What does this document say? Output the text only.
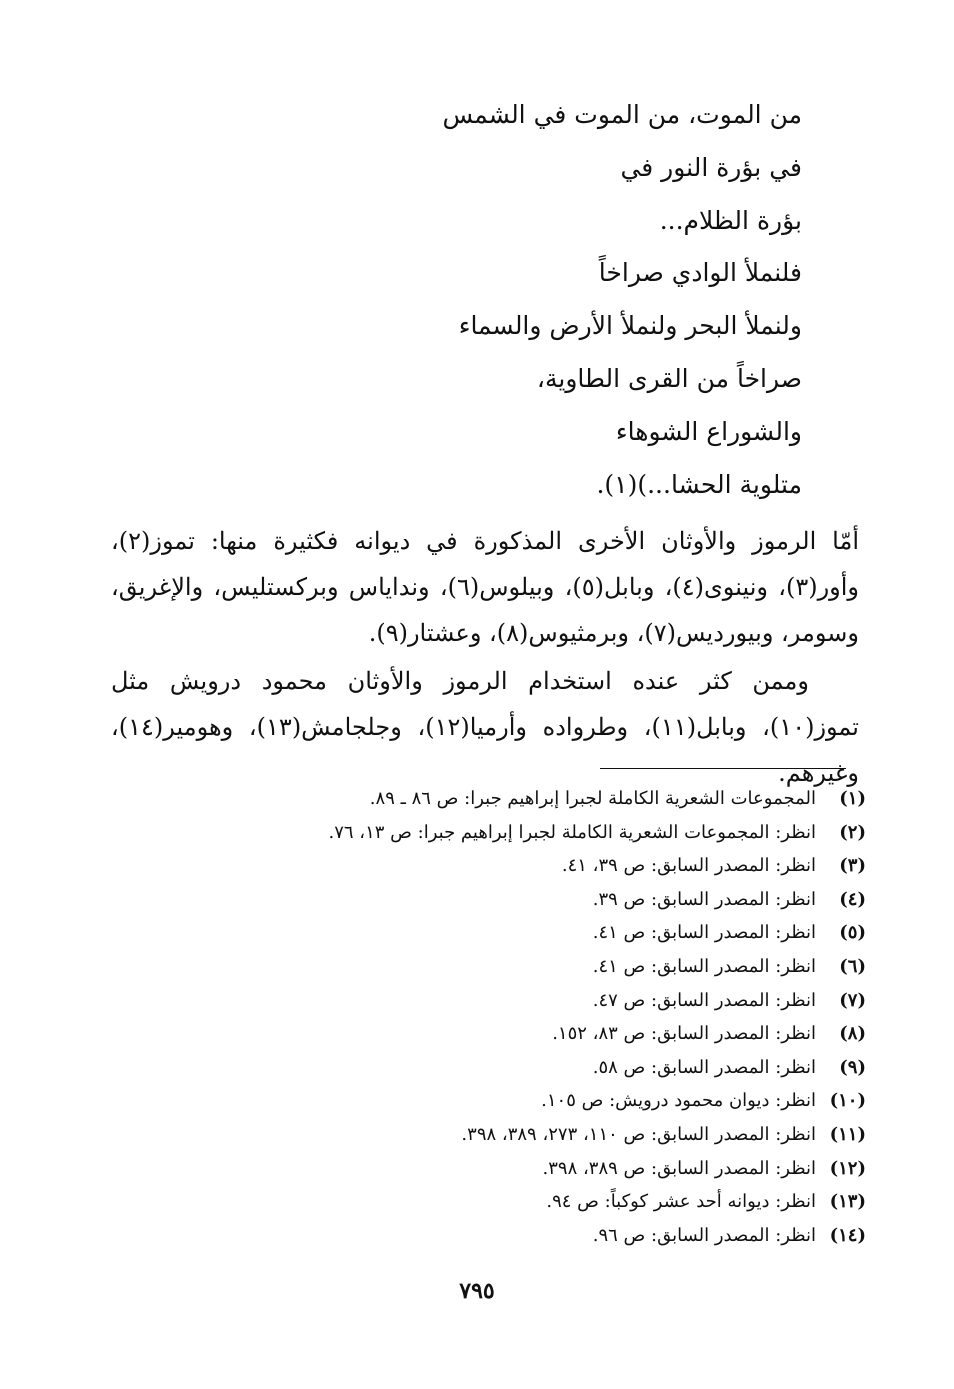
من الموت، من الموت في الشمس
في بؤرة النور في
بؤرة الظلام...
فلنملأ الوادي صراخاً
ولنملأ البحر ولنملأ الأرض والسماء
صراخاً من القرى الطاوية،
والشوراع الشوهاء
متلوية الحشا...)(١).
أمّا الرموز والأوثان الأخرى المذكورة في ديوانه فكثيرة منها: تموز(٢)، وأور(٣)، ونينوى(٤)، وبابل(٥)، وبيلوس(٦)، ونداياس وبركستليس، والإغريق، وسومر، وبيورديس(٧)، وبرمثيوس(٨)، وعشتار(٩).
وممن كثر عنده استخدام الرموز والأوثان محمود درويش مثل تموز(١٠)، وبابل(١١)، وطرواده وأرميا(١٢)، وجلجامش(١٣)، وهومير(١٤)، وغيرهم.
(١)
المجموعات الشعرية الكاملة لجبرا إبراهيم جبرا: ص ٨٦ ـ ٨٩.
(٢)
انظر: المجموعات الشعرية الكاملة لجبرا إبراهيم جبرا: ص ١٣، ٧٦.
(٣)
انظر: المصدر السابق: ص ٣٩، ٤١.
(٤)
انظر: المصدر السابق: ص ٣٩.
(٥)
انظر: المصدر السابق: ص ٤١.
(٦)
انظر: المصدر السابق: ص ٤١.
(٧)
انظر: المصدر السابق: ص ٤٧.
(٨)
انظر: المصدر السابق: ص ٨٣، ١٥٢.
(٩)
انظر: المصدر السابق: ص ٥٨.
(١٠)
انظر: ديوان محمود درويش: ص ١٠٥.
(١١)
انظر: المصدر السابق: ص ١١٠، ٢٧٣، ٣٨٩، ٣٩٨.
(١٢)
انظر: المصدر السابق: ص ٣٨٩، ٣٩٨.
(١٣)
انظر: ديوانه أحد عشر كوكباً: ص ٩٤.
(١٤)
انظر: المصدر السابق: ص ٩٦.
٧٩٥
